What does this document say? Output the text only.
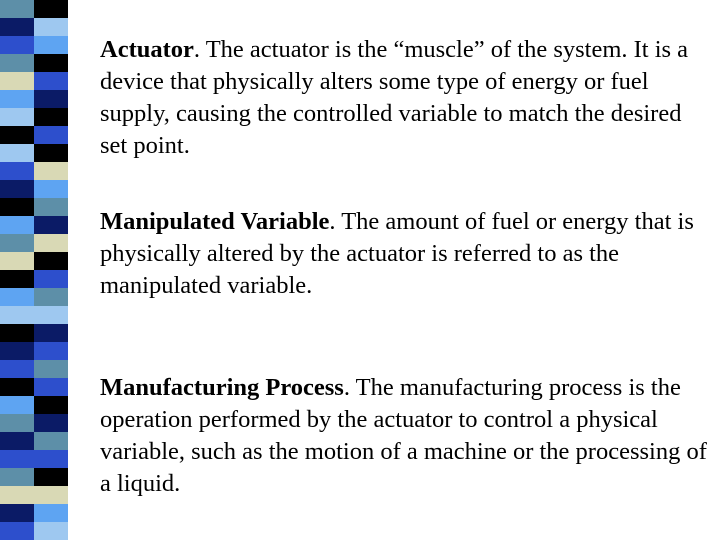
Actuator. The actuator is the “muscle” of the system. It is a device that physically alters some type of energy or fuel supply, causing the controlled variable to match the desired set point.
Manipulated Variable. The amount of fuel or energy that is physically altered by the actuator is referred to as the manipulated variable.
Manufacturing Process. The manufacturing process is the operation performed by the actuator to control a physical variable, such as the motion of a machine or the processing of a liquid.
